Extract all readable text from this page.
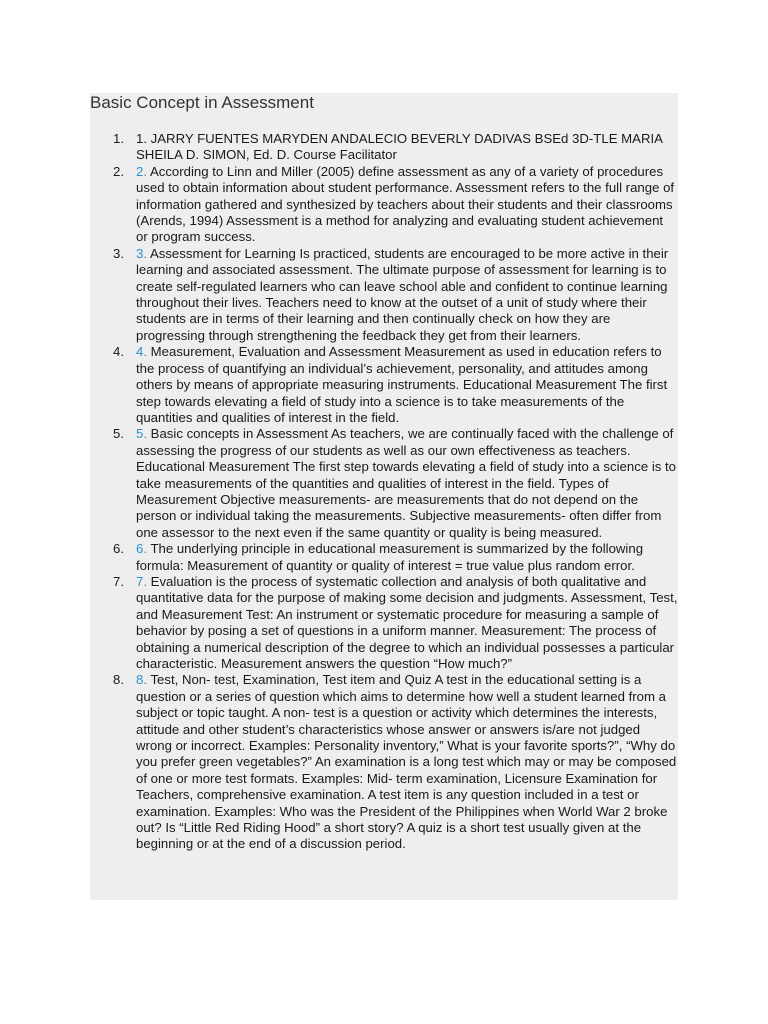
Basic Concept in Assessment
1. 1. JARRY FUENTES MARYDEN ANDALECIO BEVERLY DADIVAS BSEd 3D-TLE MARIA SHEILA D. SIMON, Ed. D. Course Facilitator
2. 2. According to Linn and Miller (2005) define assessment as any of a variety of procedures used to obtain information about student performance. Assessment refers to the full range of information gathered and synthesized by teachers about their students and their classrooms (Arends, 1994) Assessment is a method for analyzing and evaluating student achievement or program success.
3. 3. Assessment for Learning Is practiced, students are encouraged to be more active in their learning and associated assessment. The ultimate purpose of assessment for learning is to create self-regulated learners who can leave school able and confident to continue learning throughout their lives. Teachers need to know at the outset of a unit of study where their students are in terms of their learning and then continually check on how they are progressing through strengthening the feedback they get from their learners.
4. 4. Measurement, Evaluation and Assessment Measurement as used in education refers to the process of quantifying an individual’s achievement, personality, and attitudes among others by means of appropriate measuring instruments. Educational Measurement The first step towards elevating a field of study into a science is to take measurements of the quantities and qualities of interest in the field.
5. 5. Basic concepts in Assessment As teachers, we are continually faced with the challenge of assessing the progress of our students as well as our own effectiveness as teachers. Educational Measurement The first step towards elevating a field of study into a science is to take measurements of the quantities and qualities of interest in the field. Types of Measurement Objective measurements- are measurements that do not depend on the person or individual taking the measurements. Subjective measurements- often differ from one assessor to the next even if the same quantity or quality is being measured.
6. 6. The underlying principle in educational measurement is summarized by the following formula: Measurement of quantity or quality of interest = true value plus random error.
7. 7. Evaluation is the process of systematic collection and analysis of both qualitative and quantitative data for the purpose of making some decision and judgments. Assessment, Test, and Measurement Test: An instrument or systematic procedure for measuring a sample of behavior by posing a set of questions in a uniform manner. Measurement: The process of obtaining a numerical description of the degree to which an individual possesses a particular characteristic. Measurement answers the question “How much?”
8. 8. Test, Non- test, Examination, Test item and Quiz A test in the educational setting is a question or a series of question which aims to determine how well a student learned from a subject or topic taught. A non- test is a question or activity which determines the interests, attitude and other student’s characteristics whose answer or answers is/are not judged wrong or incorrect. Examples: Personality inventory,” What is your favorite sports?”, “Why do you prefer green vegetables?” An examination is a long test which may or may be composed of one or more test formats. Examples: Mid- term examination, Licensure Examination for Teachers, comprehensive examination. A test item is any question included in a test or examination. Examples: Who was the President of the Philippines when World War 2 broke out? Is “Little Red Riding Hood” a short story? A quiz is a short test usually given at the beginning or at the end of a discussion period.
